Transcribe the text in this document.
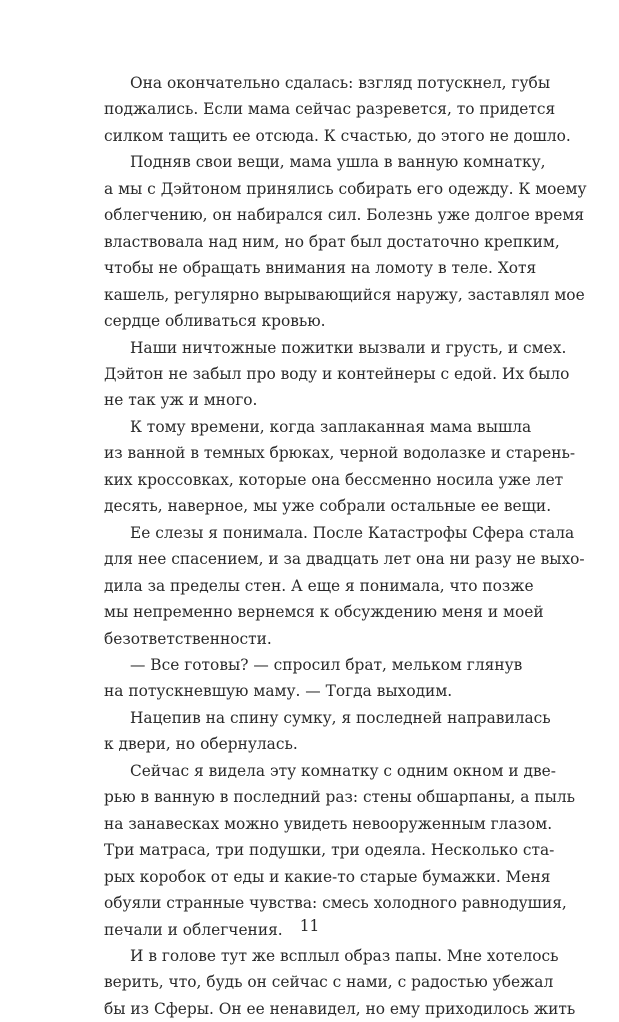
Она окончательно сдалась: взгляд потускнел, губы
поджались. Если мама сейчас разревется, то придется
силком тащить ее отсюда. К счастью, до этого не дошло.
Подняв свои вещи, мама ушла в ванную комнатку,
а мы с Дэйтоном принялись собирать его одежду. К моему
облегчению, он набирался сил. Болезнь уже долгое время
властвовала над ним, но брат был достаточно крепким,
чтобы не обращать внимания на ломоту в теле. Хотя
кашель, регулярно вырывающийся наружу, заставлял мое
сердце обливаться кровью.
Наши ничтожные пожитки вызвали и грусть, и смех.
Дэйтон не забыл про воду и контейнеры с едой. Их было
не так уж и много.
К тому времени, когда заплаканная мама вышла
из ванной в темных брюках, черной водолазке и старень-
ких кроссовках, которые она бессменно носила уже лет
десять, наверное, мы уже собрали остальные ее вещи.
Ее слезы я понимала. После Катастрофы Сфера стала
для нее спасением, и за двадцать лет она ни разу не выхо-
дила за пределы стен. А еще я понимала, что позже
мы непременно вернемся к обсуждению меня и моей
безответственности.
— Все готовы? — спросил брат, мельком глянув
на потускневшую маму. — Тогда выходим.
Нацепив на спину сумку, я последней направилась
к двери, но обернулась.
Сейчас я видела эту комнатку с одним окном и две-
рью в ванную в последний раз: стены обшарпаны, а пыль
на занавесках можно увидеть невооруженным глазом.
Три матраса, три подушки, три одеяла. Несколько ста-
рых коробок от еды и какие-то старые бумажки. Меня
обуяли странные чувства: смесь холодного равнодушия,
печали и облегчения.
И в голове тут же всплыл образ папы. Мне хотелось
верить, что, будь он сейчас с нами, с радостью убежал
бы из Сферы. Он ее ненавидел, но ему приходилось жить
11
